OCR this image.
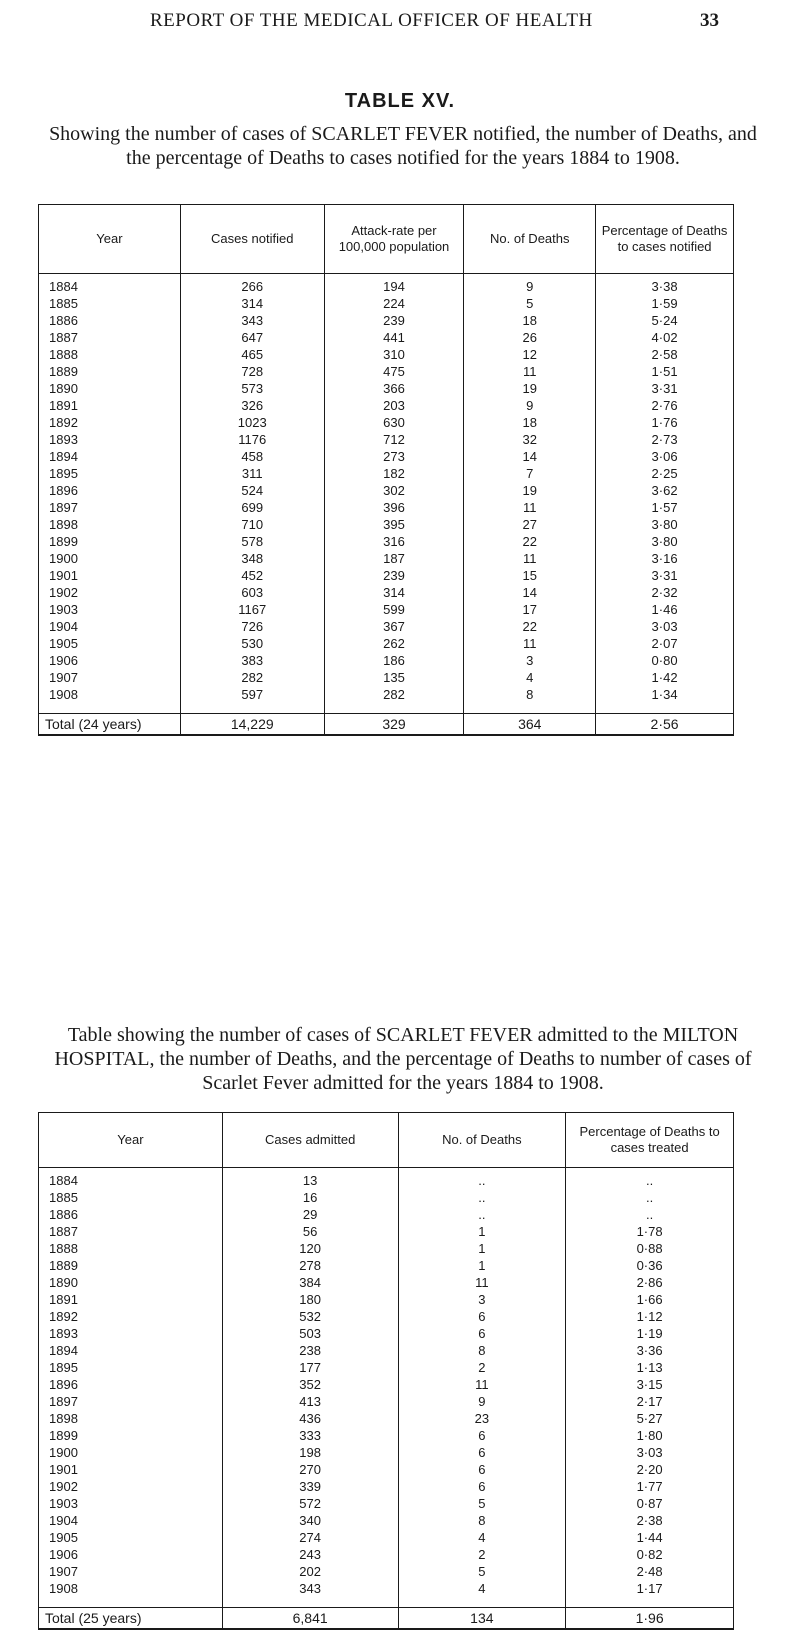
REPORT OF THE MEDICAL OFFICER OF HEALTH	33
TABLE XV.
Showing the number of cases of SCARLET FEVER notified, the number of Deaths, and the percentage of Deaths to cases notified for the years 1884 to 1908.
Year	Cases notified	Attack-rate per 100,000 population	No. of Deaths	Percentage of Deaths to cases notified
1884	266	194	9	3·38
1885	314	224	5	1·59
1886	343	239	18	5·24
1887	647	441	26	4·02
1888	465	310	12	2·58
1889	728	475	11	1·51
1890	573	366	19	3·31
1891	326	203	9	2·76
1892	1023	630	18	1·76
1893	1176	712	32	2·73
1894	458	273	14	3·06
1895	311	182	7	2·25
1896	524	302	19	3·62
1897	699	396	11	1·57
1898	710	395	27	3·80
1899	578	316	22	3·80
1900	348	187	11	3·16
1901	452	239	15	3·31
1902	603	314	14	2·32
1903	1167	599	17	1·46
1904	726	367	22	3·03
1905	530	262	11	2·07
1906	383	186	3	0·80
1907	282	135	4	1·42
1908	597	282	8	1·34
Total (24 years)	14,229	329	364	2·56
Table showing the number of cases of SCARLET FEVER admitted to the MILTON HOSPITAL, the number of Deaths, and the percentage of Deaths to number of cases of Scarlet Fever admitted for the years 1884 to 1908.
Year	Cases admitted	No. of Deaths	Percentage of Deaths to cases treated
1884	13	..	..
1885	16	..	..
1886	29	..	..
1887	56	1	1·78
1888	120	1	0·88
1889	278	1	0·36
1890	384	11	2·86
1891	180	3	1·66
1892	532	6	1·12
1893	503	6	1·19
1894	238	8	3·36
1895	177	2	1·13
1896	352	11	3·15
1897	413	9	2·17
1898	436	23	5·27
1899	333	6	1·80
1900	198	6	3·03
1901	270	6	2·20
1902	339	6	1·77
1903	572	5	0·87
1904	340	8	2·38
1905	274	4	1·44
1906	243	2	0·82
1907	202	5	2·48
1908	343	4	1·17
Total (25 years)	6,841	134	1·96
